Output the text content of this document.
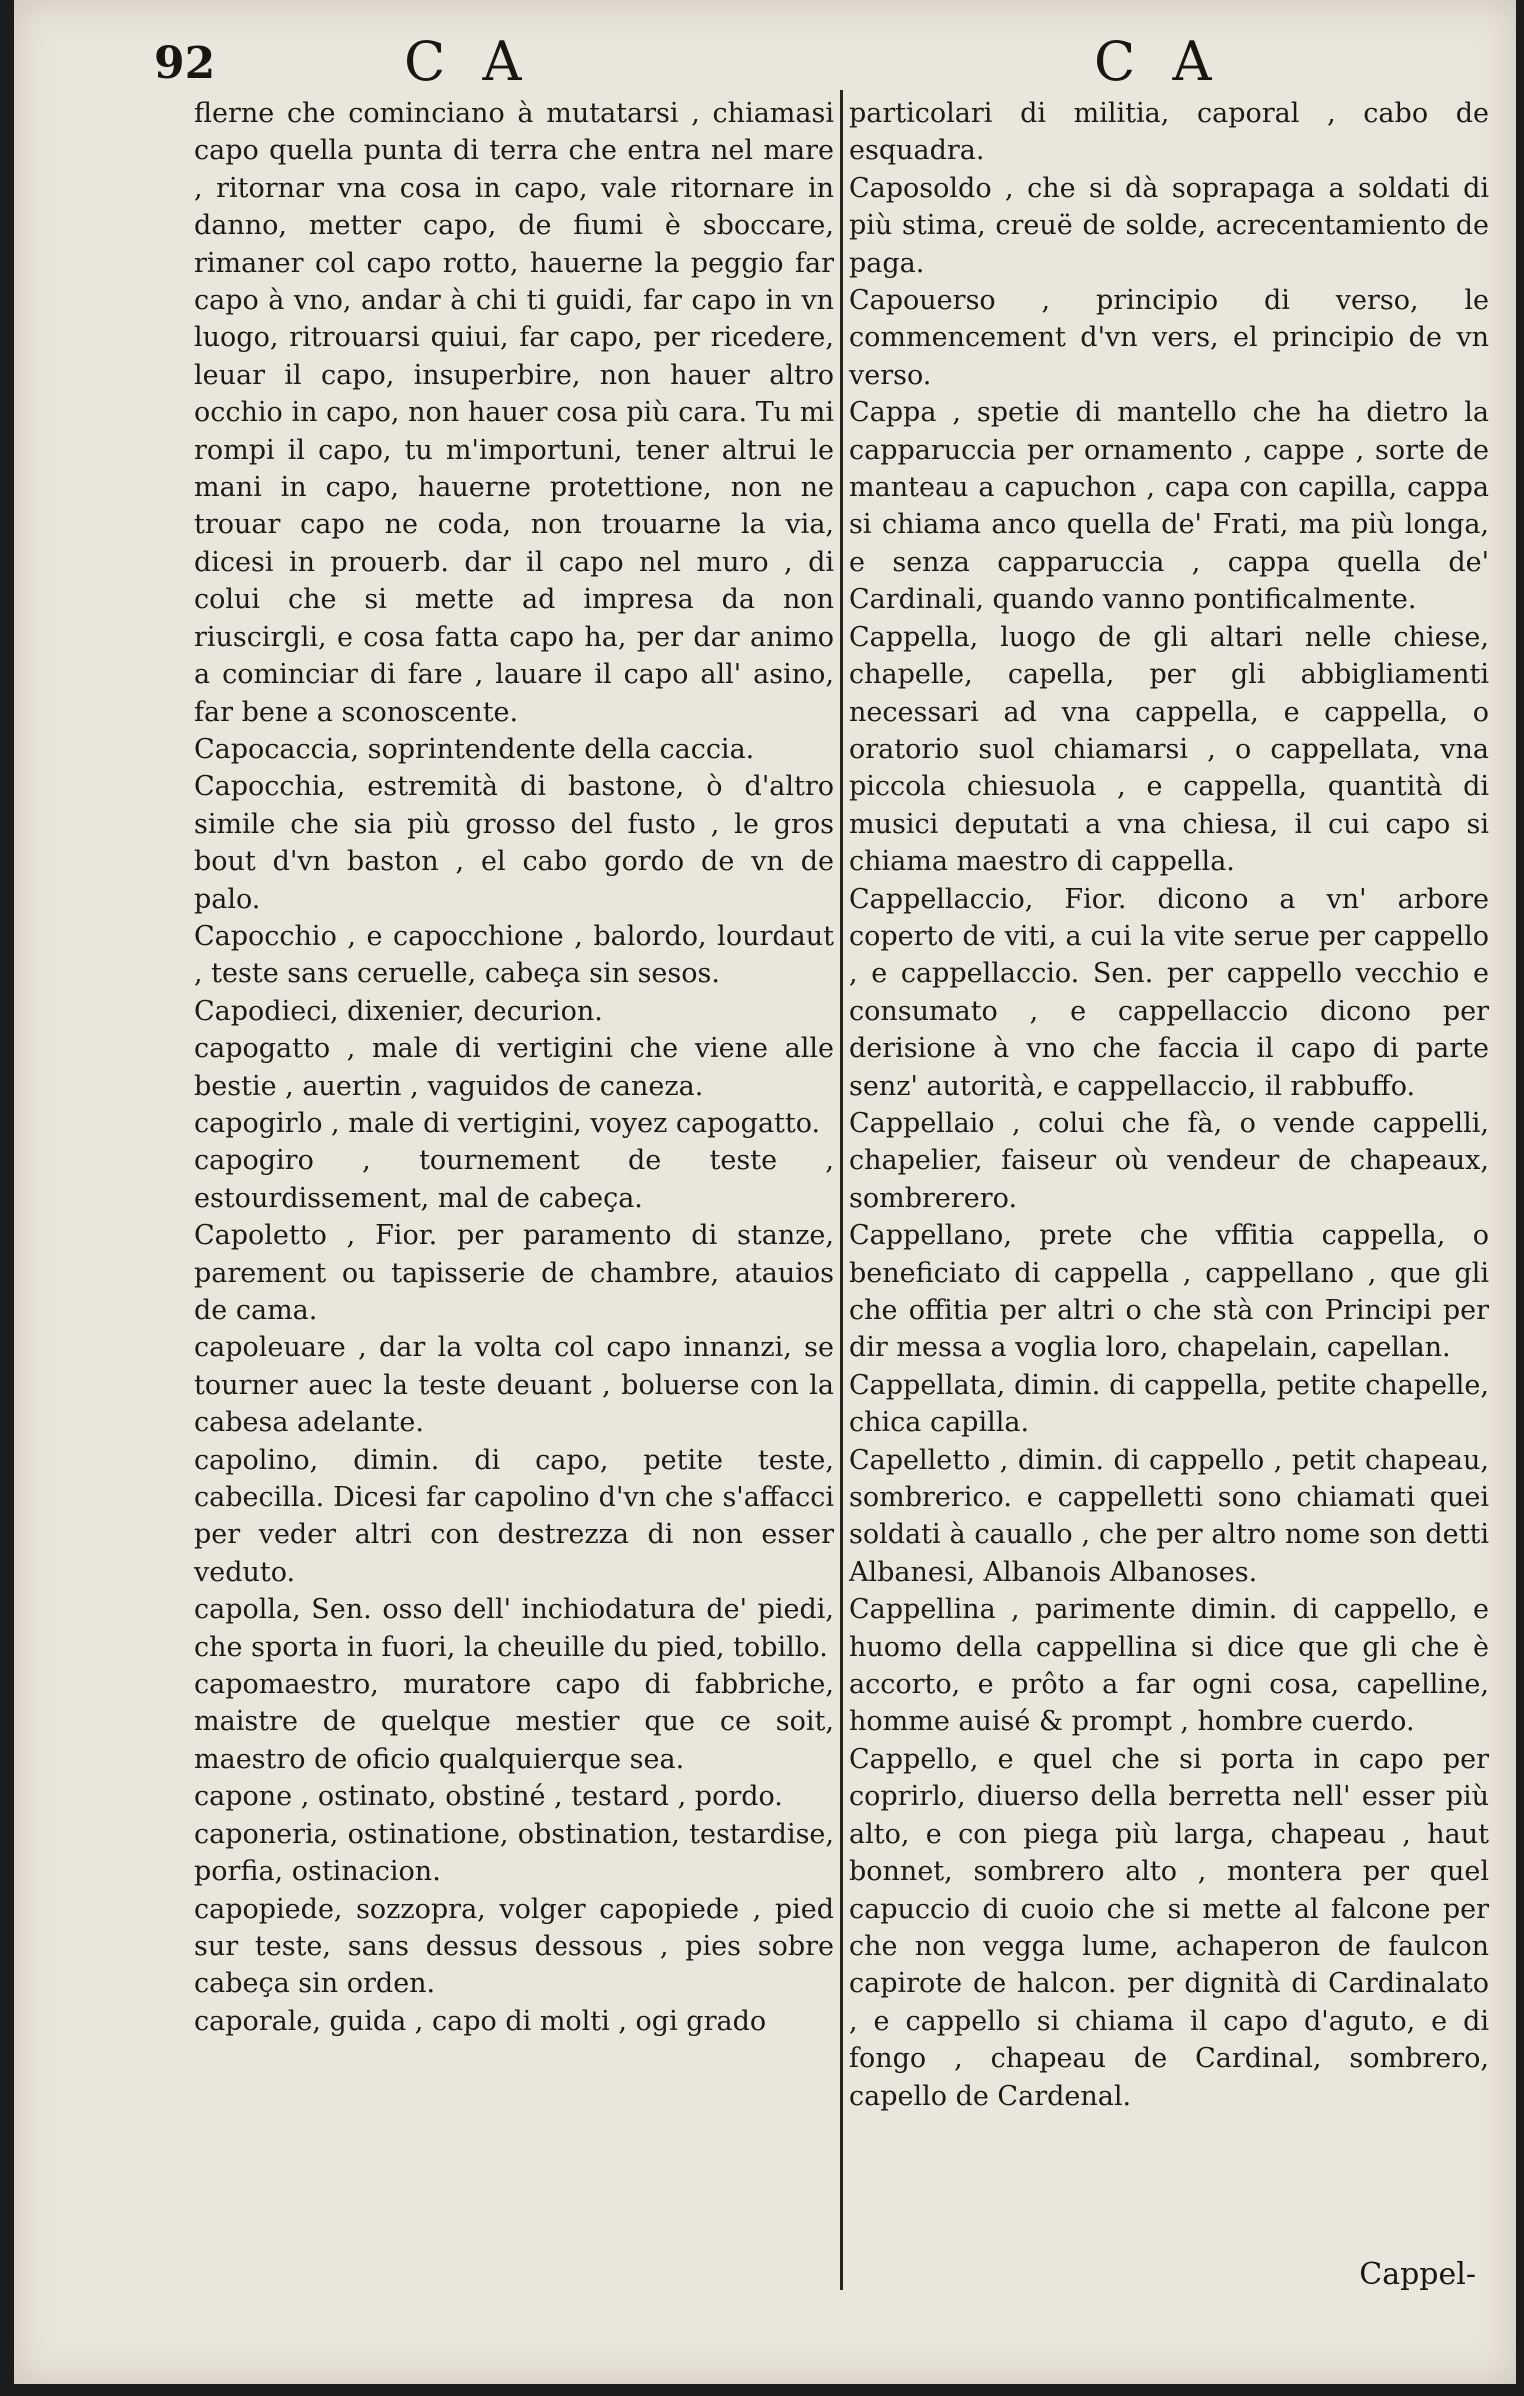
92	C A	C A

flerne che cominciano à mutatarsi , chiamasi capo quella punta di terra che entra nel mare , ritornar vna cosa in capo, vale ritornare in danno, metter capo, de fiumi è sboccare, rimaner col capo rotto, hauerne la peggio far capo à vno, andar à chi ti guidi, far capo in vn luogo, ritrouarsi quiui, far capo, per ricedere, leuar il capo, insuperbire, non hauer altro occhio in capo, non hauer cosa più cara. Tu mi rompi il capo, tu m'importuni, tener altrui le mani in capo, hauerne protettione, non ne trouar capo ne coda, non trouarne la via, dicesi in prouerb. dar il capo nel muro , di colui che si mette ad impresa da non riuscirgli, e cosa fatta capo ha, per dar animo a cominciar di fare , lauare il capo all' asino, far bene a sconoscente.

Capocaccia, soprintendente della caccia.

Capocchia, estremità di bastone, ò d'altro simile che sia più grosso del fusto , le gros bout d'vn baston , el cabo gordo de vn de palo.

Capocchio , e capocchione , balordo, lourdaut , teste sans ceruelle, cabeça sin sesos.

Capodieci, dixenier, decurion.

capogatto , male di vertigini che viene alle bestie , auertin , vaguidos de caneza.

capogirlo , male di vertigini, voyez capogatto.

capogiro , tournement de teste , estourdissement, mal de cabeça.

Capoletto , Fior. per paramento di stanze, parement ou tapisserie de chambre, atauios de cama.

capoleuare , dar la volta col capo innanzi, se tourner auec la teste deuant , boluerse con la cabesa adelante.

capolino, dimin. di capo, petite teste, cabecilla. Dicesi far capolino d'vn che s'affacci per veder altri con destrezza di non esser veduto.

capolla, Sen. osso dell' inchiodatura de' piedi, che sporta in fuori, la cheuille du pied, tobillo.

capomaestro, muratore capo di fabbriche, maistre de quelque mestier que ce soit, maestro de oficio qualquierque sea.

capone , ostinato, obstiné , testard , pordo.

caponeria, ostinatione, obstination, testardise, porfia, ostinacion.

capopiede, sozzopra, volger capopiede , pied sur teste, sans dessus dessous , pies sobre cabeça sin orden.

caporale, guida , capo di molti , ogi grado

particolari di militia, caporal , cabo de esquadra.

Caposoldo , che si dà soprapaga a soldati di più stima, creuë de solde, acrecentamiento de paga.

Capouerso , principio di verso, le commencement d'vn vers, el principio de vn verso.

Cappa , spetie di mantello che ha dietro la capparuccia per ornamento , cappe , sorte de manteau a capuchon , capa con capilla, cappa si chiama anco quella de' Frati, ma più longa, e senza capparuccia , cappa quella de' Cardinali, quando vanno pontificalmente.

Cappella, luogo de gli altari nelle chiese, chapelle, capella, per gli abbigliamenti necessari ad vna cappella, e cappella, o oratorio suol chiamarsi , o cappellata, vna piccola chiesuola , e cappella, quantità di musici deputati a vna chiesa, il cui capo si chiama maestro di cappella.

Cappellaccio, Fior. dicono a vn' arbore coperto de viti, a cui la vite serue per cappello , e cappellaccio. Sen. per cappello vecchio e consumato , e cappellaccio dicono per derisione à vno che faccia il capo di parte senz' autorità, e cappellaccio, il rabbuffo.

Cappellaio , colui che fà, o vende cappelli, chapelier, faiseur où vendeur de chapeaux, sombrerero.

Cappellano, prete che vffitia cappella, o beneficiato di cappella , cappellano , que gli che offitia per altri o che stà con Principi per dir messa a voglia loro, chapelain, capellan.

Cappellata, dimin. di cappella, petite chapelle, chica capilla.

Capelletto , dimin. di cappello , petit chapeau, sombrerico. e cappelletti sono chiamati quei soldati à cauallo , che per altro nome son detti Albanesi, Albanois Albanoses.

Cappellina , parimente dimin. di cappello, e huomo della cappellina si dice que gli che è accorto, e prôto a far ogni cosa, capelline, homme auisé & prompt , hombre cuerdo.

Cappello, e quel che si porta in capo per coprirlo, diuerso della berretta nell' esser più alto, e con piega più larga, chapeau , haut bonnet, sombrero alto , montera per quel capuccio di cuoio che si mette al falcone per che non vegga lume, achaperon de faulcon capirote de halcon. per dignità di Cardinalato , e cappello si chiama il capo d'aguto, e di fongo , chapeau de Cardinal, sombrero, capello de Cardenal.

Cappel-
